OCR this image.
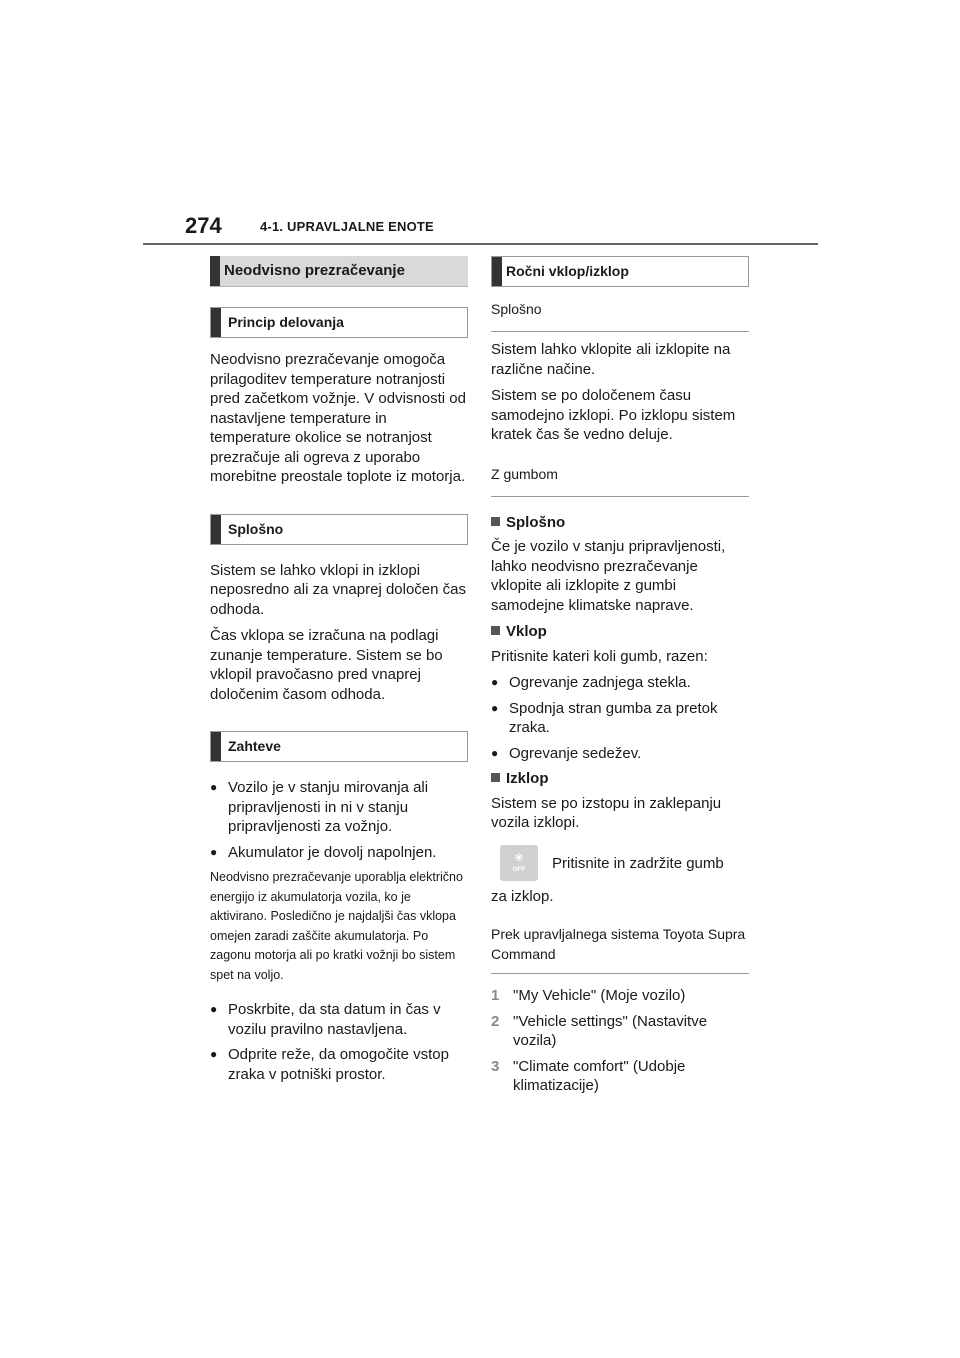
274	4-1. UPRAVLJALNE ENOTE
Neodvisno prezračevanje
Princip delovanja

Neodvisno prezračevanje omogoča prilagoditev temperature notranjosti pred začetkom vožnje. V odvisnosti od nastavljene temperature in temperature okolice se notranjost prezračuje ali ogreva z uporabo morebitne preostale toplote iz motorja.

Splošno

Sistem se lahko vklopi in izklopi neposredno ali za vnaprej določen čas odhoda.

Čas vklopa se izračuna na podlagi zunanje temperature. Sistem se bo vklopil pravočasno pred vnaprej določenim časom odhoda.

Zahteve
● Vozilo je v stanju mirovanja ali pripravljenosti in ni v stanju pripravljenosti za vožnjo.
● Akumulator je dovolj napolnjen.

Neodvisno prezračevanje uporablja električno energijo iz akumulatorja vozila, ko je aktivirano. Posledično je najdaljši čas vklopa omejen zaradi zaščite akumulatorja. Po zagonu motorja ali po kratki vožnji bo sistem spet na voljo.

● Poskrbite, da sta datum in čas v vozilu pravilno nastavljena.
● Odprite reže, da omogočite vstop zraka v potniški prostor.
Ročni vklop/izklop
Splošno

Sistem lahko vklopite ali izklopite na različne načine.

Sistem se po določenem času samodejno izklopi. Po izklopu sistem kratek čas še vedno deluje.

Z gumbom
Splošno

Če je vozilo v stanju pripravljenosti, lahko neodvisno prezračevanje vklopite ali izklopite z gumbi samodejne klimatske naprave.

Vklop

Pritisnite kateri koli gumb, razen:

● Ogrevanje zadnjega stekla.
● Spodnja stran gumba za pretok zraka.
● Ogrevanje sedežev.
Izklop

Sistem se po izstopu in zaklepanju vozila izklopi.

❀
OFF	Pritisnite in zadržite gumb

za izklop.

Prek upravljalnega sistema Toyota Supra Command
1 "My Vehicle" (Moje vozilo)
2 "Vehicle settings" (Nastavitve vozila)
3 "Climate comfort" (Udobje klimatizacije)
